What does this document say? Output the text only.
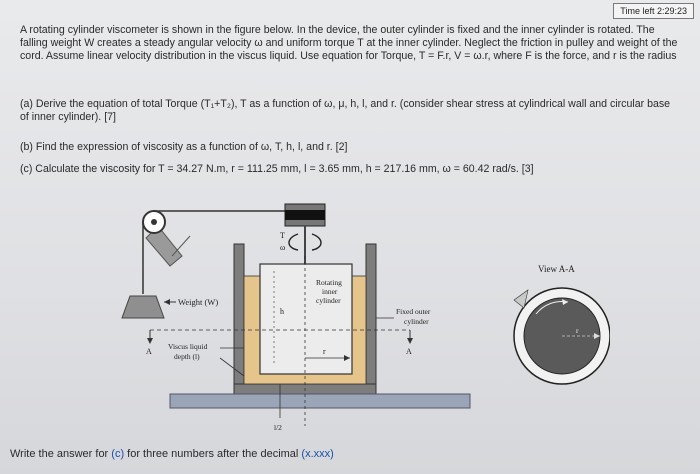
Time left 2:29:23
A rotating cylinder viscometer is shown in the figure below. In the device, the outer cylinder is fixed and the inner cylinder is rotated. The falling weight W creates a steady angular velocity ω and uniform torque T at the inner cylinder. Neglect the friction in pulley and weight of the cord. Assume linear velocity distribution in the viscus liquid. Use equation for Torque, T = F.r, V = ω.r, where F is the force, and r is the radius
(a) Derive the equation of total Torque (T₁+T₂), T as a function of ω, μ, h, l, and r. (consider shear stress at cylindrical wall and circular base of inner cylinder). [7]
(b) Find the expression of viscosity as a function of ω, T, h, l, and r. [2]
(c) Calculate the viscosity for T = 34.27 N.m, r = 111.25 mm, l = 3.65 mm, h = 217.16 mm, ω = 60.42 rad/s. [3]
Weight (W)
T
ω
Rotating
inner
cylinder
h
r
A	A
Fixed outer
cylinder
Viscus liquid
depth (l)
l/2
View A-A
r
Write the answer for (c) for three numbers after the decimal (x.xxx)
